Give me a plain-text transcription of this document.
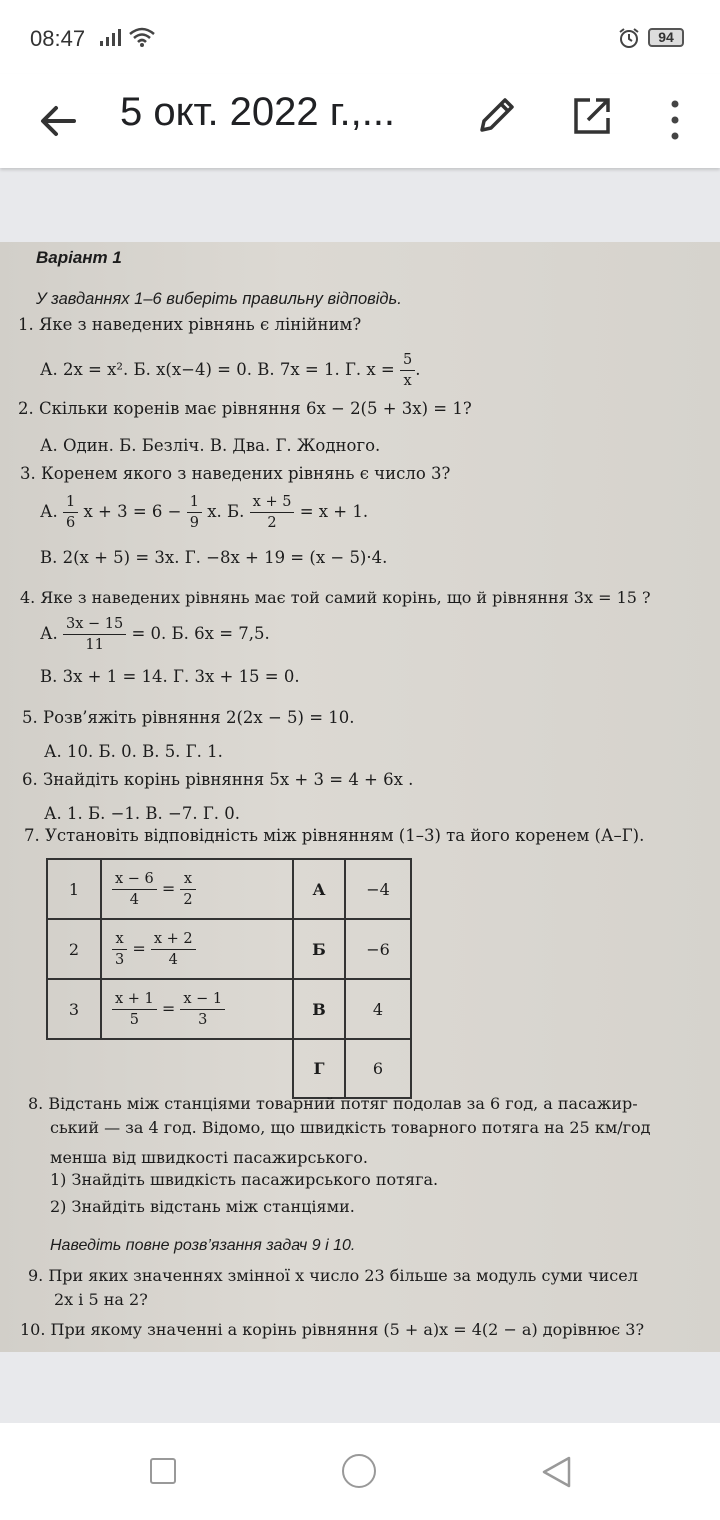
08:47	94
5 окт. 2022 г.,...
Варіант 1
У завданнях 1–6 виберіть правильну відповідь.
1. Яке з наведених рівнянь є лінійним?
А. 2x = x². Б. x(x−4) = 0. В. 7x = 1. Г. $x = \frac{5}{x}$ .
2. Скільки коренів має рівняння 6x − 2(5 + 3x) = 1?
А. Один. Б. Безліч. В. Два. Г. Жодного.
3. Коренем якого з наведених рівнянь є число 3?
А. $\frac{1}{6}$ $x + 3 = 6 - \frac{1}{9} x$. Б. $\frac{x + 5}{2} = x + 1$.
В. 2(x + 5) = 3x. Г. −8x + 19 = (x − 5)·4.
4. Яке з наведених рівнянь має той самий корінь, що й рівняння 3x = 15 ?
А. $\frac{3x - 15}{11} = 0$. Б. 6x = 7,5.
В. 3x + 1 = 14. Г. 3x + 15 = 0.
5. Розв’яжіть рівняння 2(2x − 5) = 10.
А. 10. Б. 0. В. 5. Г. 1.
6. Знайдіть корінь рівняння 5x + 3 = 4 + 6x .
А. 1. Б. −1. В. −7. Г. 0.
7. Установіть відповідність між рівнянням (1–3) та його коренем (А–Г).
1	$\frac{x - 6}{4} = \frac{x}{2}$	А	−4
2	$\frac{x}{3} = \frac{x + 2}{4}$	Б	−6
3	$\frac{x + 1}{5} = \frac{x - 1}{3}$	В	4
		Г	6
8. Відстань між станціями товарний потяг подолав за 6 год, а пасажир-
ський — за 4 год. Відомо, що швидкість товарного потяга на 25 км/год
менша від швидкості пасажирського.
1) Знайдіть швидкість пасажирського потяга.
2) Знайдіть відстань між станціями.
Наведіть повне розв’язання задач 9 і 10.
9. При яких значеннях змінної x число 23 більше за модуль суми чисел
2x і 5 на 2?
10. При якому значенні a корінь рівняння (5 + a)x = 4(2 − a) дорівнює 3?
